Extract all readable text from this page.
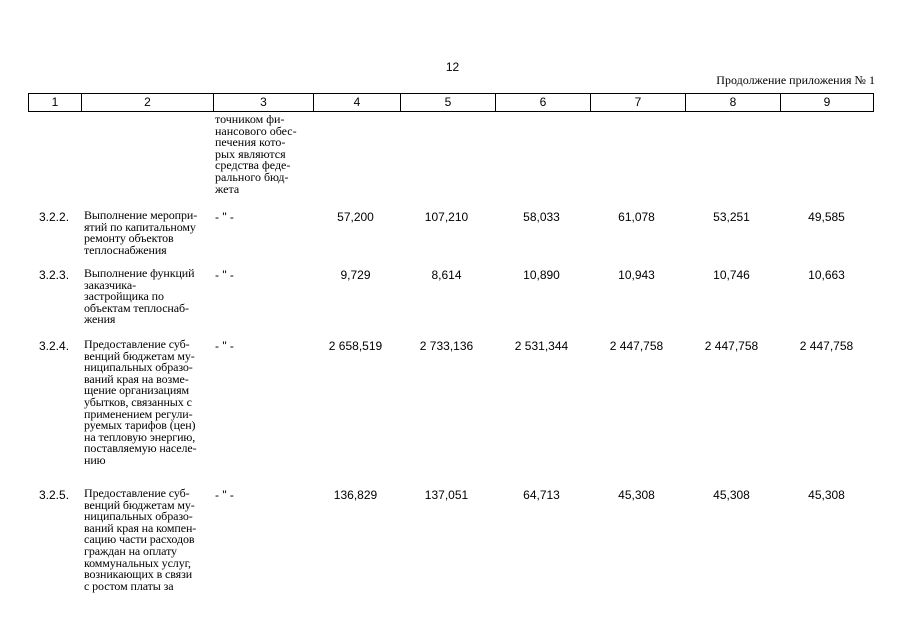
12
Продолжение приложения № 1
1	2	3	4	5	6	7	8	9
точником фи-
нансового обес-
печения кото-
рых являются
средства феде-
рального бюд-
жета
3.2.2. Выполнение меропри-
ятий по капитальному
ремонту объектов
теплоснабжения
- " -	57,200	107,210	58,033	61,078	53,251	49,585
3.2.3. Выполнение функций
заказчика-
застройщика по
объектам теплоснаб-
жения
- " -	9,729	8,614	10,890	10,943	10,746	10,663
3.2.4. Предоставление суб-
венций бюджетам му-
ниципальных образо-
ваний края на возме-
щение организациям
убытков, связанных с
применением регули-
руемых тарифов (цен)
на тепловую энергию,
поставляемую населе-
нию
- " -	2 658,519	2 733,136	2 531,344	2 447,758	2 447,758	2 447,758
3.2.5. Предоставление суб-
венций бюджетам му-
ниципальных образо-
ваний края на компен-
сацию части расходов
граждан на оплату
коммунальных услуг,
возникающих в связи
с ростом платы за
- " -	136,829	137,051	64,713	45,308	45,308	45,308
